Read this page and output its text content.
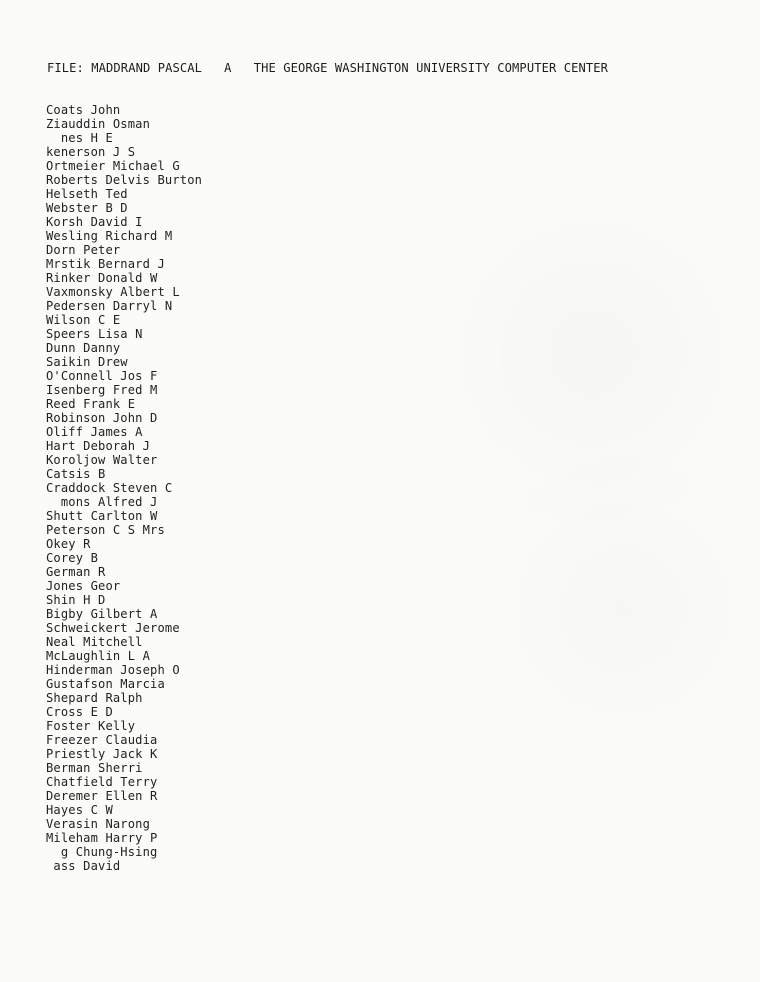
FILE: MADDRAND PASCAL A THE GEORGE WASHINGTON UNIVERSITY COMPUTER CENTER
Coats John
Ziauddin Osman
nes H E
kenerson J S
Ortmeier Michael G
Roberts Delvis Burton
Helseth Ted
Webster B D
Korsh David I
Wesling Richard M
Dorn Peter
Mrstik Bernard J
Rinker Donald W
Vaxmonsky Albert L
Pedersen Darryl N
Wilson C E
Speers Lisa N
Dunn Danny
Saikin Drew
O'Connell Jos F
Isenberg Fred M
Reed Frank E
Robinson John D
Oliff James A
Hart Deborah J
Koroljow Walter
Catsis B
Craddock Steven C
mons Alfred J
Shutt Carlton W
Peterson C S Mrs
Okey R
Corey B
German R
Jones Geor
Shin H D
Bigby Gilbert A
Schweickert Jerome
Neal Mitchell
McLaughlin L A
Hinderman Joseph O
Gustafson Marcia
Shepard Ralph
Cross E D
Foster Kelly
Freezer Claudia
Priestly Jack K
Berman Sherri
Chatfield Terry
Deremer Ellen R
Hayes C W
Verasin Narong
Mileham Harry P
g Chung-Hsing
ass David
